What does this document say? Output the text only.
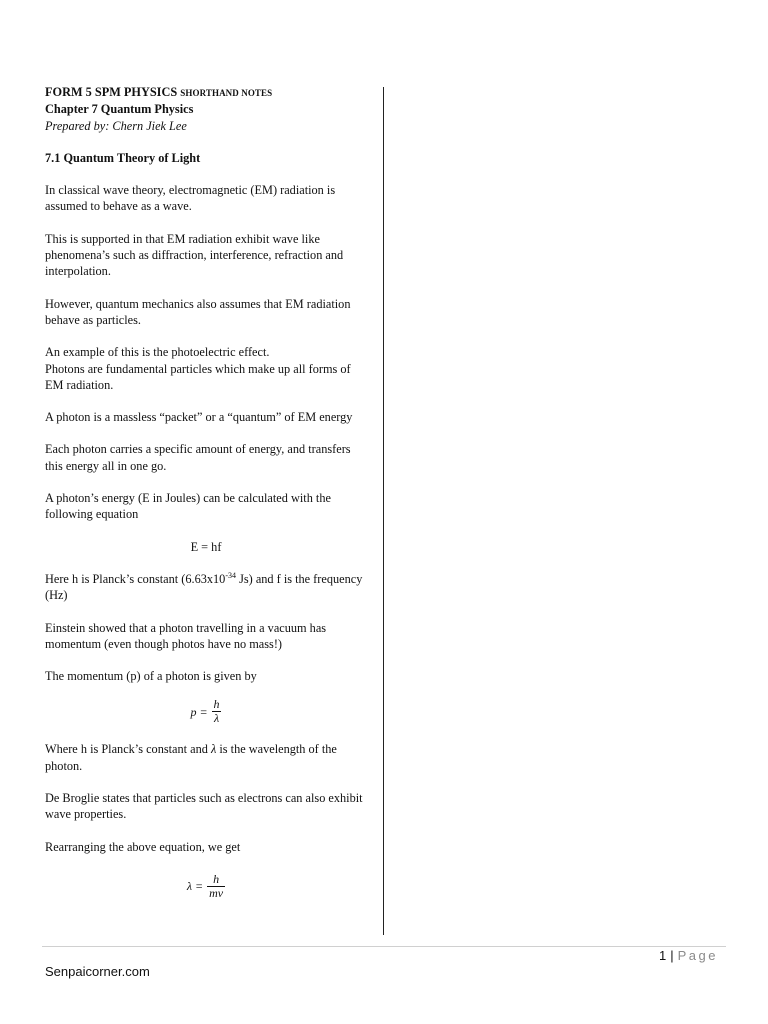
FORM 5 SPM PHYSICS SHORTHAND NOTES

Chapter 7 Quantum Physics

Prepared by: Chern Jiek Lee

7.1 Quantum Theory of Light

In classical wave theory, electromagnetic (EM) radiation is assumed to behave as a wave.

This is supported in that EM radiation exhibit wave like phenomena’s such as diffraction, interference, refraction and interpolation.

However, quantum mechanics also assumes that EM radiation behave as particles.

An example of this is the photoelectric effect.

Photons are fundamental particles which make up all forms of EM radiation.

A photon is a massless “packet” or a “quantum” of EM energy

Each photon carries a specific amount of energy, and transfers this energy all in one go.

A photon’s energy (E in Joules) can be calculated with the following equation

E = hf

Here h is Planck’s constant ($6.63x10^{-34}$ Js) and f is the frequency (Hz)

Einstein showed that a photon travelling in a vacuum has momentum (even though photos have no mass!)

The momentum (p) of a photon is given by

$p = \frac{h}{\lambda}$

Where h is Planck’s constant and λ is the wavelength of the photon.

De Broglie states that particles such as electrons can also exhibit wave properties.

Rearranging the above equation, we get

$\lambda = \frac{h}{mv}$
1 | Page
Senpaicorner.com
